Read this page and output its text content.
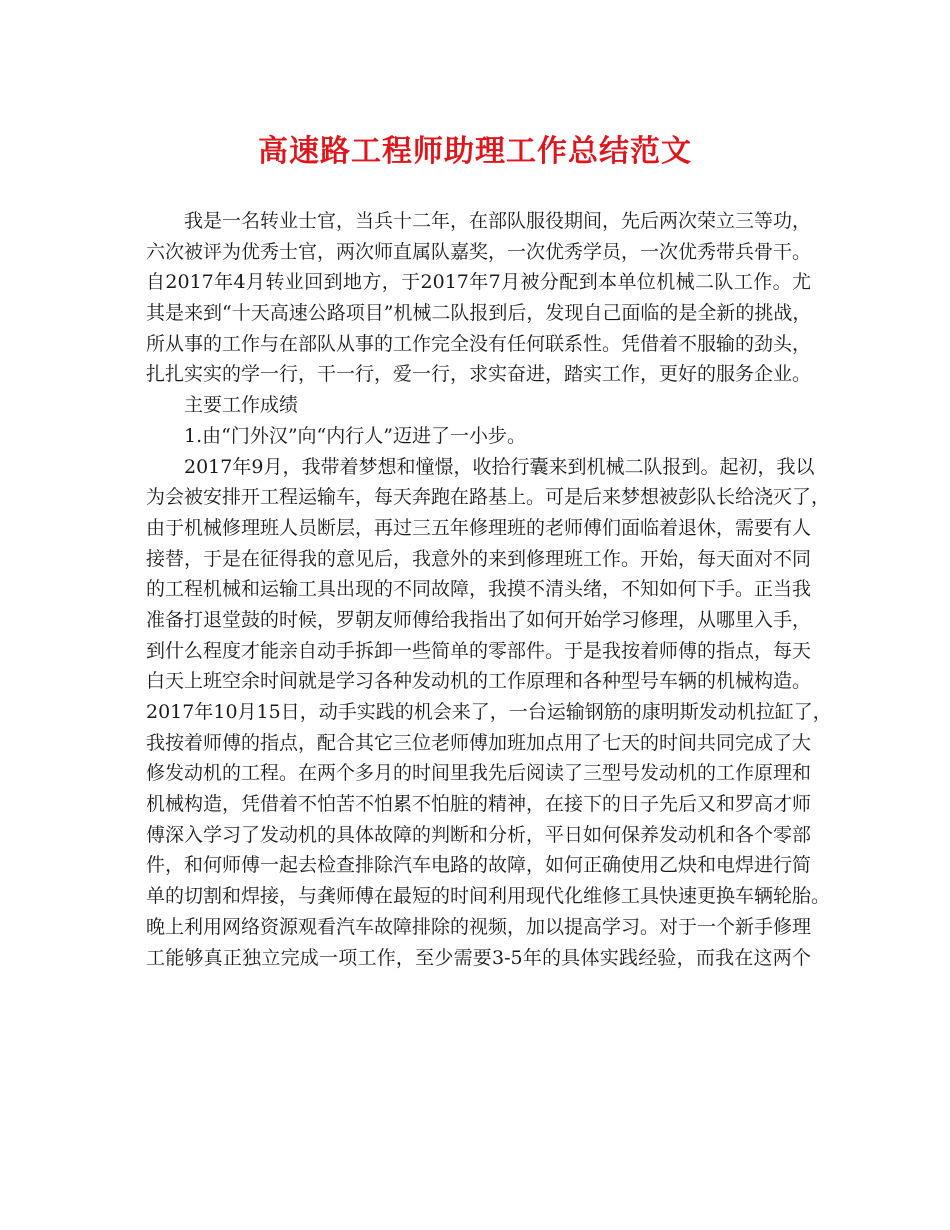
高速路工程师助理工作总结范文
我是一名转业士官，当兵十二年，在部队服役期间，先后两次荣立三等功，
六次被评为优秀士官，两次师直属队嘉奖，一次优秀学员，一次优秀带兵骨干。
自2017年4月转业回到地方，于2017年7月被分配到本单位机械二队工作。尤
其是来到“十天高速公路项目”机械二队报到后，发现自己面临的是全新的挑战，
所从事的工作与在部队从事的工作完全没有任何联系性。凭借着不服输的劲头，
扎扎实实的学一行，干一行，爱一行，求实奋进，踏实工作，更好的服务企业。
主要工作成绩
1.由“门外汉”向“内行人”迈进了一小步。
2017年9月，我带着梦想和憧憬，收拾行囊来到机械二队报到。起初，我以
为会被安排开工程运输车，每天奔跑在路基上。可是后来梦想被彭队长给浇灭了，
由于机械修理班人员断层，再过三五年修理班的老师傅们面临着退休，需要有人
接替，于是在征得我的意见后，我意外的来到修理班工作。开始，每天面对不同
的工程机械和运输工具出现的不同故障，我摸不清头绪，不知如何下手。正当我
准备打退堂鼓的时候，罗朝友师傅给我指出了如何开始学习修理，从哪里入手，
到什么程度才能亲自动手拆卸一些简单的零部件。于是我按着师傅的指点，每天
白天上班空余时间就是学习各种发动机的工作原理和各种型号车辆的机械构造。
2017年10月15日，动手实践的机会来了，一台运输钢筋的康明斯发动机拉缸了，
我按着师傅的指点，配合其它三位老师傅加班加点用了七天的时间共同完成了大
修发动机的工程。在两个多月的时间里我先后阅读了三型号发动机的工作原理和
机械构造，凭借着不怕苦不怕累不怕脏的精神，在接下的日子先后又和罗高才师
傅深入学习了发动机的具体故障的判断和分析，平日如何保养发动机和各个零部
件，和何师傅一起去检查排除汽车电路的故障，如何正确使用乙炔和电焊进行简
单的切割和焊接，与龚师傅在最短的时间利用现代化维修工具快速更换车辆轮胎。
晚上利用网络资源观看汽车故障排除的视频，加以提高学习。对于一个新手修理
工能够真正独立完成一项工作，至少需要3-5年的具体实践经验，而我在这两个
